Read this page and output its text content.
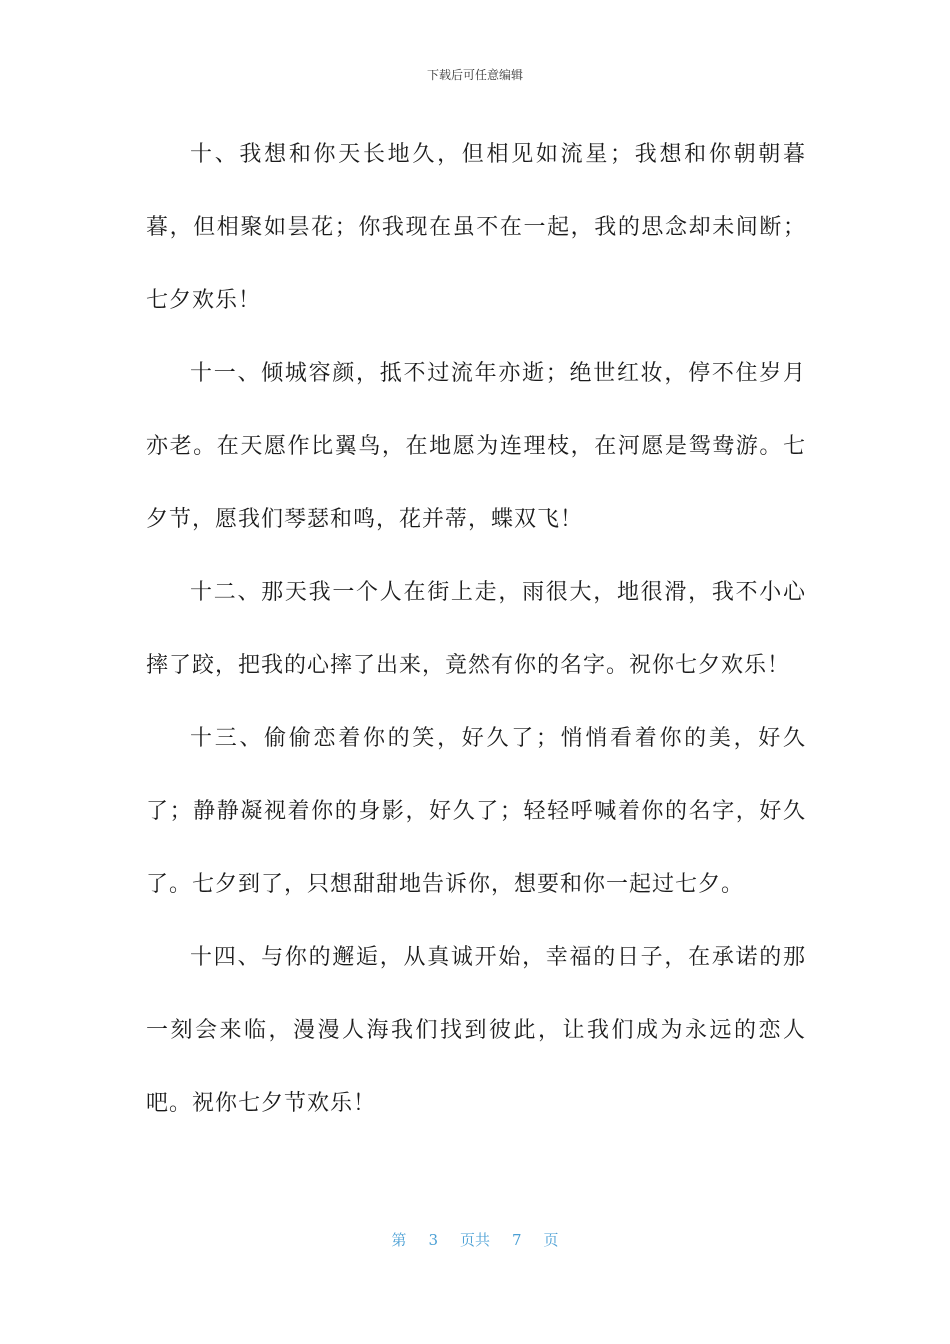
下载后可任意编辑

十、我想和你天长地久，但相见如流星；我想和你朝朝暮暮，但相聚如昙花；你我现在虽不在一起，我的思念却未间断；七夕欢乐！

十一、倾城容颜，抵不过流年亦逝；绝世红妆，停不住岁月亦老。在天愿作比翼鸟，在地愿为连理枝，在河愿是鸳鸯游。七夕节，愿我们琴瑟和鸣，花并蒂，蝶双飞！

十二、那天我一个人在街上走，雨很大，地很滑，我不小心摔了跤，把我的心摔了出来，竟然有你的名字。祝你七夕欢乐！

十三、偷偷恋着你的笑，好久了；悄悄看着你的美，好久了；静静凝视着你的身影，好久了；轻轻呼喊着你的名字，好久了。七夕到了，只想甜甜地告诉你，想要和你一起过七夕。

十四、与你的邂逅，从真诚开始，幸福的日子，在承诺的那一刻会来临，漫漫人海我们找到彼此，让我们成为永远的恋人吧。祝你七夕节欢乐！

第 3 页共 7 页
